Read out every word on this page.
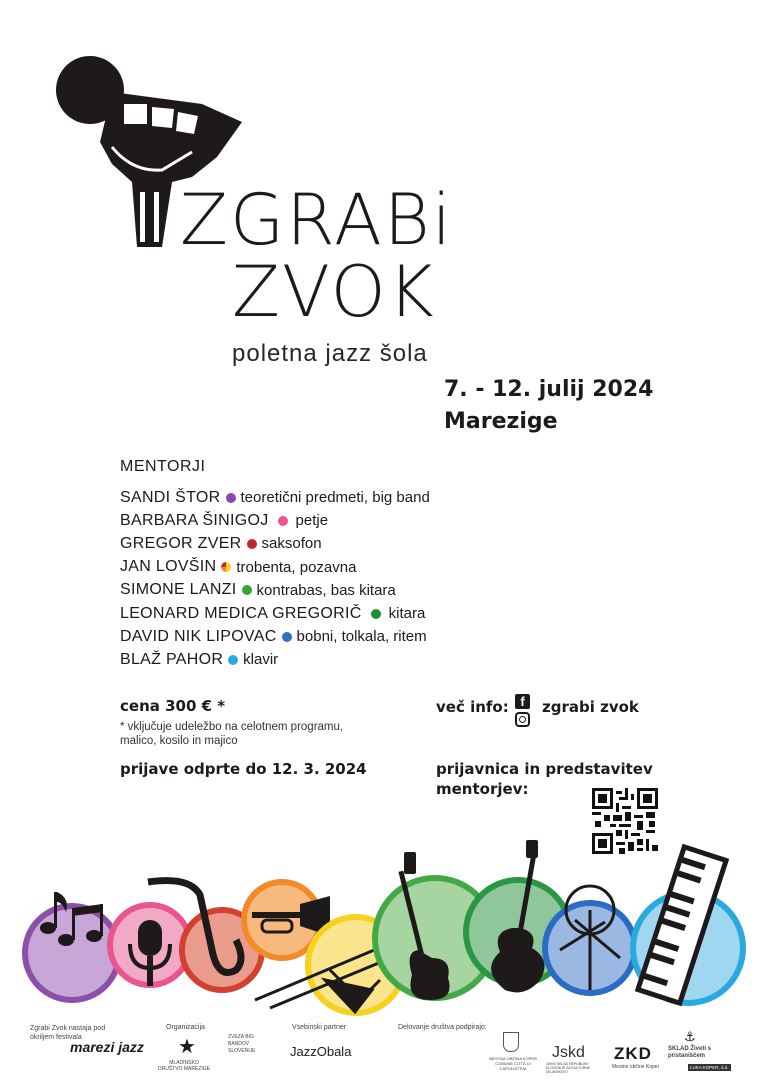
ZGRABi
ZVOK
poletna jazz šola
7. - 12. julij 2024
Marezige
MENTORJI
SANDI ŠTOR teoretični predmeti, big band
BARBARA ŠINIGOJ petje
GREGOR ZVER saksofon
JAN LOVŠIN trobenta, pozavna
SIMONE LANZI kontrabas, bas kitara
LEONARD MEDICA GREGORIČ kitara
DAVID NIK LIPOVAC bobni, tolkala, ritem
BLAŽ PAHOR klavir
cena 300 € *
* vključuje udeležbo na celotnem programu, malico, kosilo in majico
prijave odprte do 12. 3. 2024
več info: f	zgrabi zvok
prijavnica in predstavitev
mentorjev:
Zgrabi Zvok nastaja pod okriljem festivala
marezi jazz
Organizacija
★
MLADINSKO DRUŠTVO MAREZIGE
ZVEZA BIG BANDOV SLOVENIJE
Vsebinski partner
JazzObala
Delovanje društva podpirajo:
MESTNA OBČINA KOPER COMUNE CITTÀ DI CAPODISTRIA
Jskd
JAVNI SKLAD REPUBLIKE SLOVENIJE ZA KULTURNE DEJAVNOSTI
ZKD
Mestne občine Koper
⚓
SKLAD Živeti s pristaniščem
LUKA KOPER, d.d.
